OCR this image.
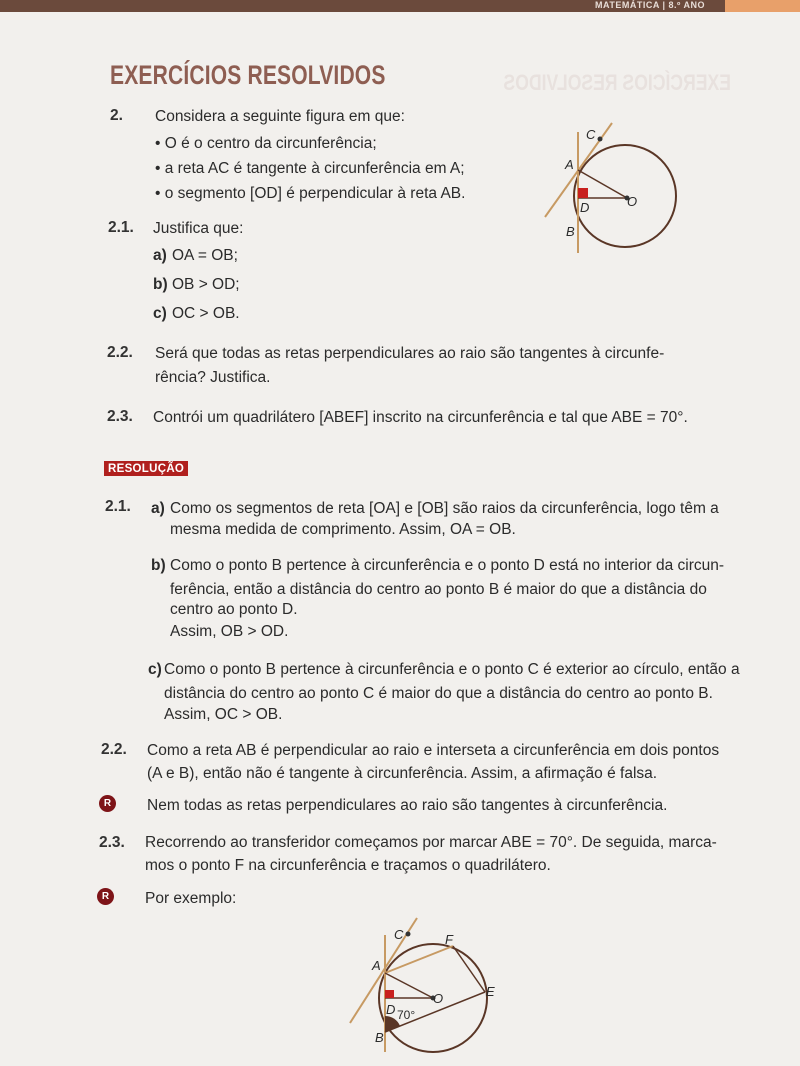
MATEMÁTICA | 8.º ANO
EXERCÍCIOS RESOLVIDOS
EXERCÍCIOS RESOLVIDOS
2. Considera a seguinte figura em que:
• O é o centro da circunferência;
• a reta AC é tangente à circunferência em A;
• o segmento [OD] é perpendicular à reta AB.
2.1. Justifica que:
a) OA = OB;
b) OB > OD;
c) OC > OB.
2.2. Será que todas as retas perpendiculares ao raio são tangentes à circunfe-
rência? Justifica.
2.3. Contrói um quadrilátero [ABEF] inscrito na circunferência e tal que ABE = 70°.
C
A
D	O
B
RESOLUÇÃO
2.1. a) Como os segmentos de reta [OA] e [OB] são raios da circunferência, logo têm a
mesma medida de comprimento. Assim, OA = OB.
b) Como o ponto B pertence à circunferência e o ponto D está no interior da circun-
ferência, então a distância do centro ao ponto B é maior do que a distância do
centro ao ponto D.
Assim, OB > OD.
c) Como o ponto B pertence à circunferência e o ponto C é exterior ao círculo, então a
distância do centro ao ponto C é maior do que a distância do centro ao ponto B.
Assim, OC > OB.
2.2. Como a reta AB é perpendicular ao raio e interseta a circunferência em dois pontos
(A e B), então não é tangente à circunferência. Assim, a afirmação é falsa.
R	Nem todas as retas perpendiculares ao raio são tangentes à circunferência.
2.3. Recorrendo ao transferidor começamos por marcar ABE = 70°. De seguida, marca-
mos o ponto F na circunferência e traçamos o quadrilátero.
R	Por exemplo:
C	F
A
O	E
D 70°
B
